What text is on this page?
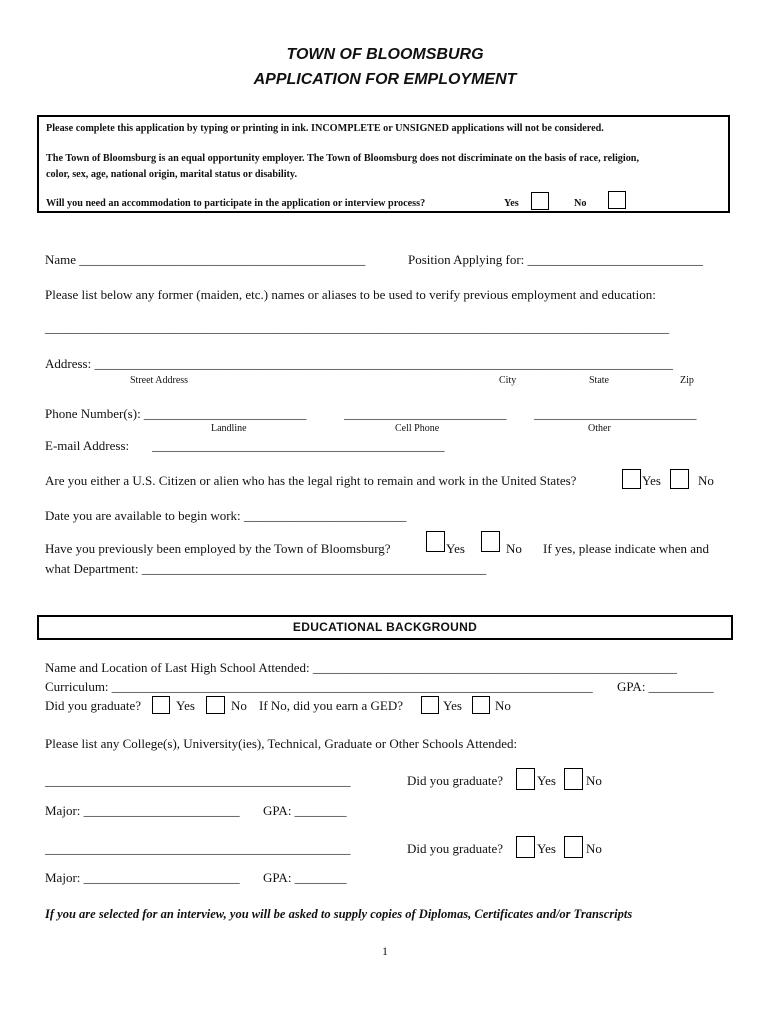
TOWN OF BLOOMSBURG
APPLICATION FOR EMPLOYMENT
Please complete this application by typing or printing in ink. INCOMPLETE or UNSIGNED applications will not be considered.
The Town of Bloomsburg is an equal opportunity employer. The Town of Bloomsburg does not discriminate on the basis of race, religion,
color, sex, age, national origin, marital status or disability.
Will you need an accommodation to participate in the application or interview process?	Yes	No
Name ____________________________________________	Position Applying for: ___________________________
Please list below any former (maiden, etc.) names or aliases to be used to verify previous employment and education:
________________________________________________________________________________________________
Address: _________________________________________________________________________________________
Street Address	City	State	Zip
Phone Number(s): _________________________	_________________________ _________________________
Landline	Cell Phone	Other
E-mail Address: _____________________________________________
Are you either a U.S. Citizen or alien who has the legal right to remain and work in the United States?	Yes	No
Date you are available to begin work: _________________________
Have you previously been employed by the Town of Bloomsburg?	Yes	No If yes, please indicate when and
what Department: _____________________________________________________
EDUCATIONAL BACKGROUND
Name and Location of Last High School Attended: ________________________________________________________
Curriculum: __________________________________________________________________________ GPA: __________
Did you graduate?	Yes	No If No, did you earn a GED?	Yes	No
Please list any College(s), University(ies), Technical, Graduate or Other Schools Attended:
_______________________________________________	Did you graduate?	Yes No
Major: ________________________ GPA: ________
_______________________________________________	Did you graduate?	Yes No
Major: ________________________ GPA: ________
If you are selected for an interview, you will be asked to supply copies of Diplomas, Certificates and/or Transcripts
1
